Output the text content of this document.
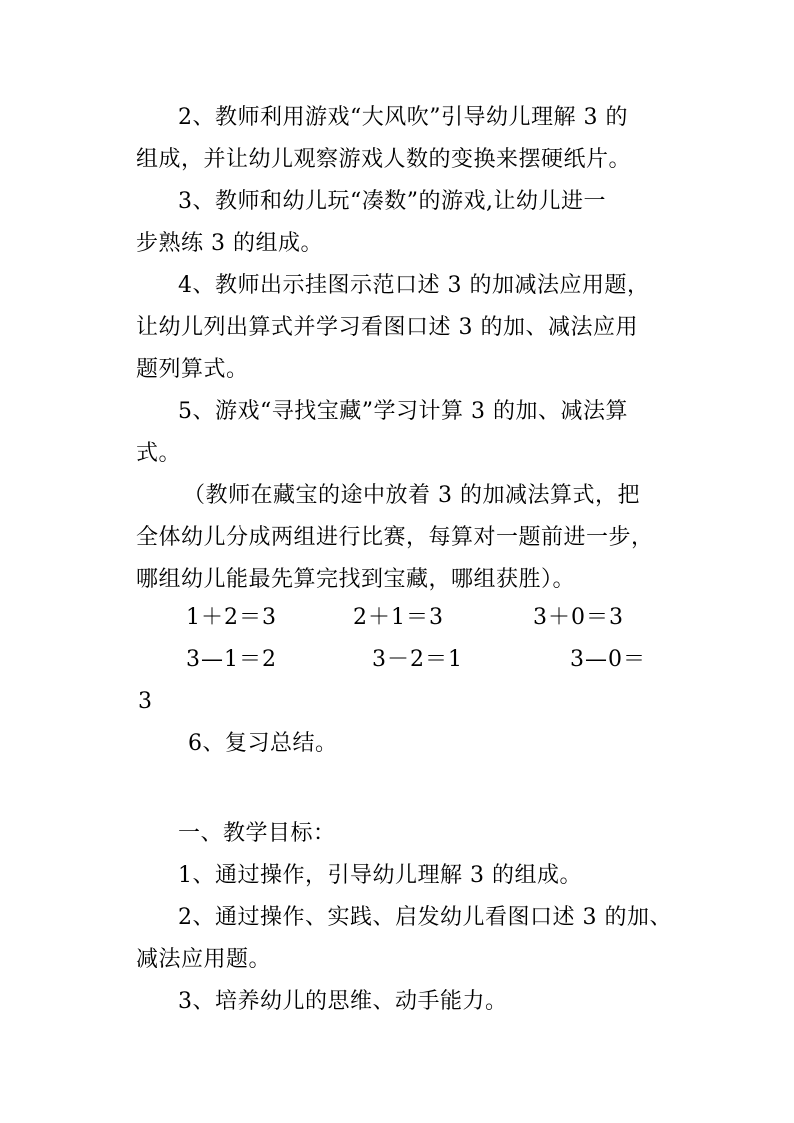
2、教师利用游戏“大风吹”引导幼儿理解 3 的
组成，并让幼儿观察游戏人数的变换来摆硬纸片。
3、教师和幼儿玩“凑数”的游戏,让幼儿进一
步熟练 3 的组成。
4、教师出示挂图示范口述 3 的加减法应用题，
让幼儿列出算式并学习看图口述 3 的加、减法应用
题列算式。
5、游戏“寻找宝藏”学习计算 3 的加、减法算
式。
（教师在藏宝的途中放着 3 的加减法算式，把
全体幼儿分成两组进行比赛，每算对一题前进一步，
哪组幼儿能最先算完找到宝藏，哪组获胜）。
1＋2＝3	2＋1＝3	3＋0＝3
3—1＝2	3－2＝1	3—0＝
3
6、复习总结。
一、教学目标：
1、通过操作，引导幼儿理解 3 的组成。
2、通过操作、实践、启发幼儿看图口述 3 的加、
减法应用题。
3、培养幼儿的思维、动手能力。
